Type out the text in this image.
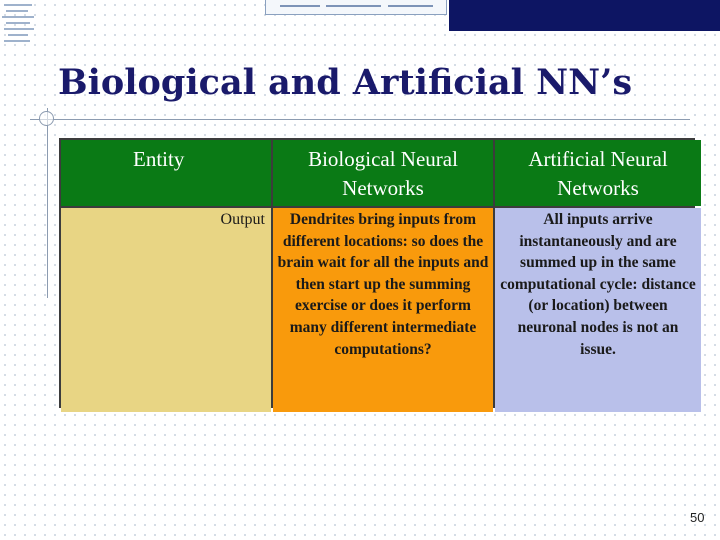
Biological and Artificial NN’s
Entity	Biological Neural Networks
Artificial Neural Networks
Output	Dendrites bring inputs from different locations: so does the brain wait for all the inputs and then start up the summing exercise or does it perform many different intermediate computations?
All inputs arrive instantaneously and are summed up in the same computational cycle: distance (or location) between neuronal nodes is not an issue.
50
